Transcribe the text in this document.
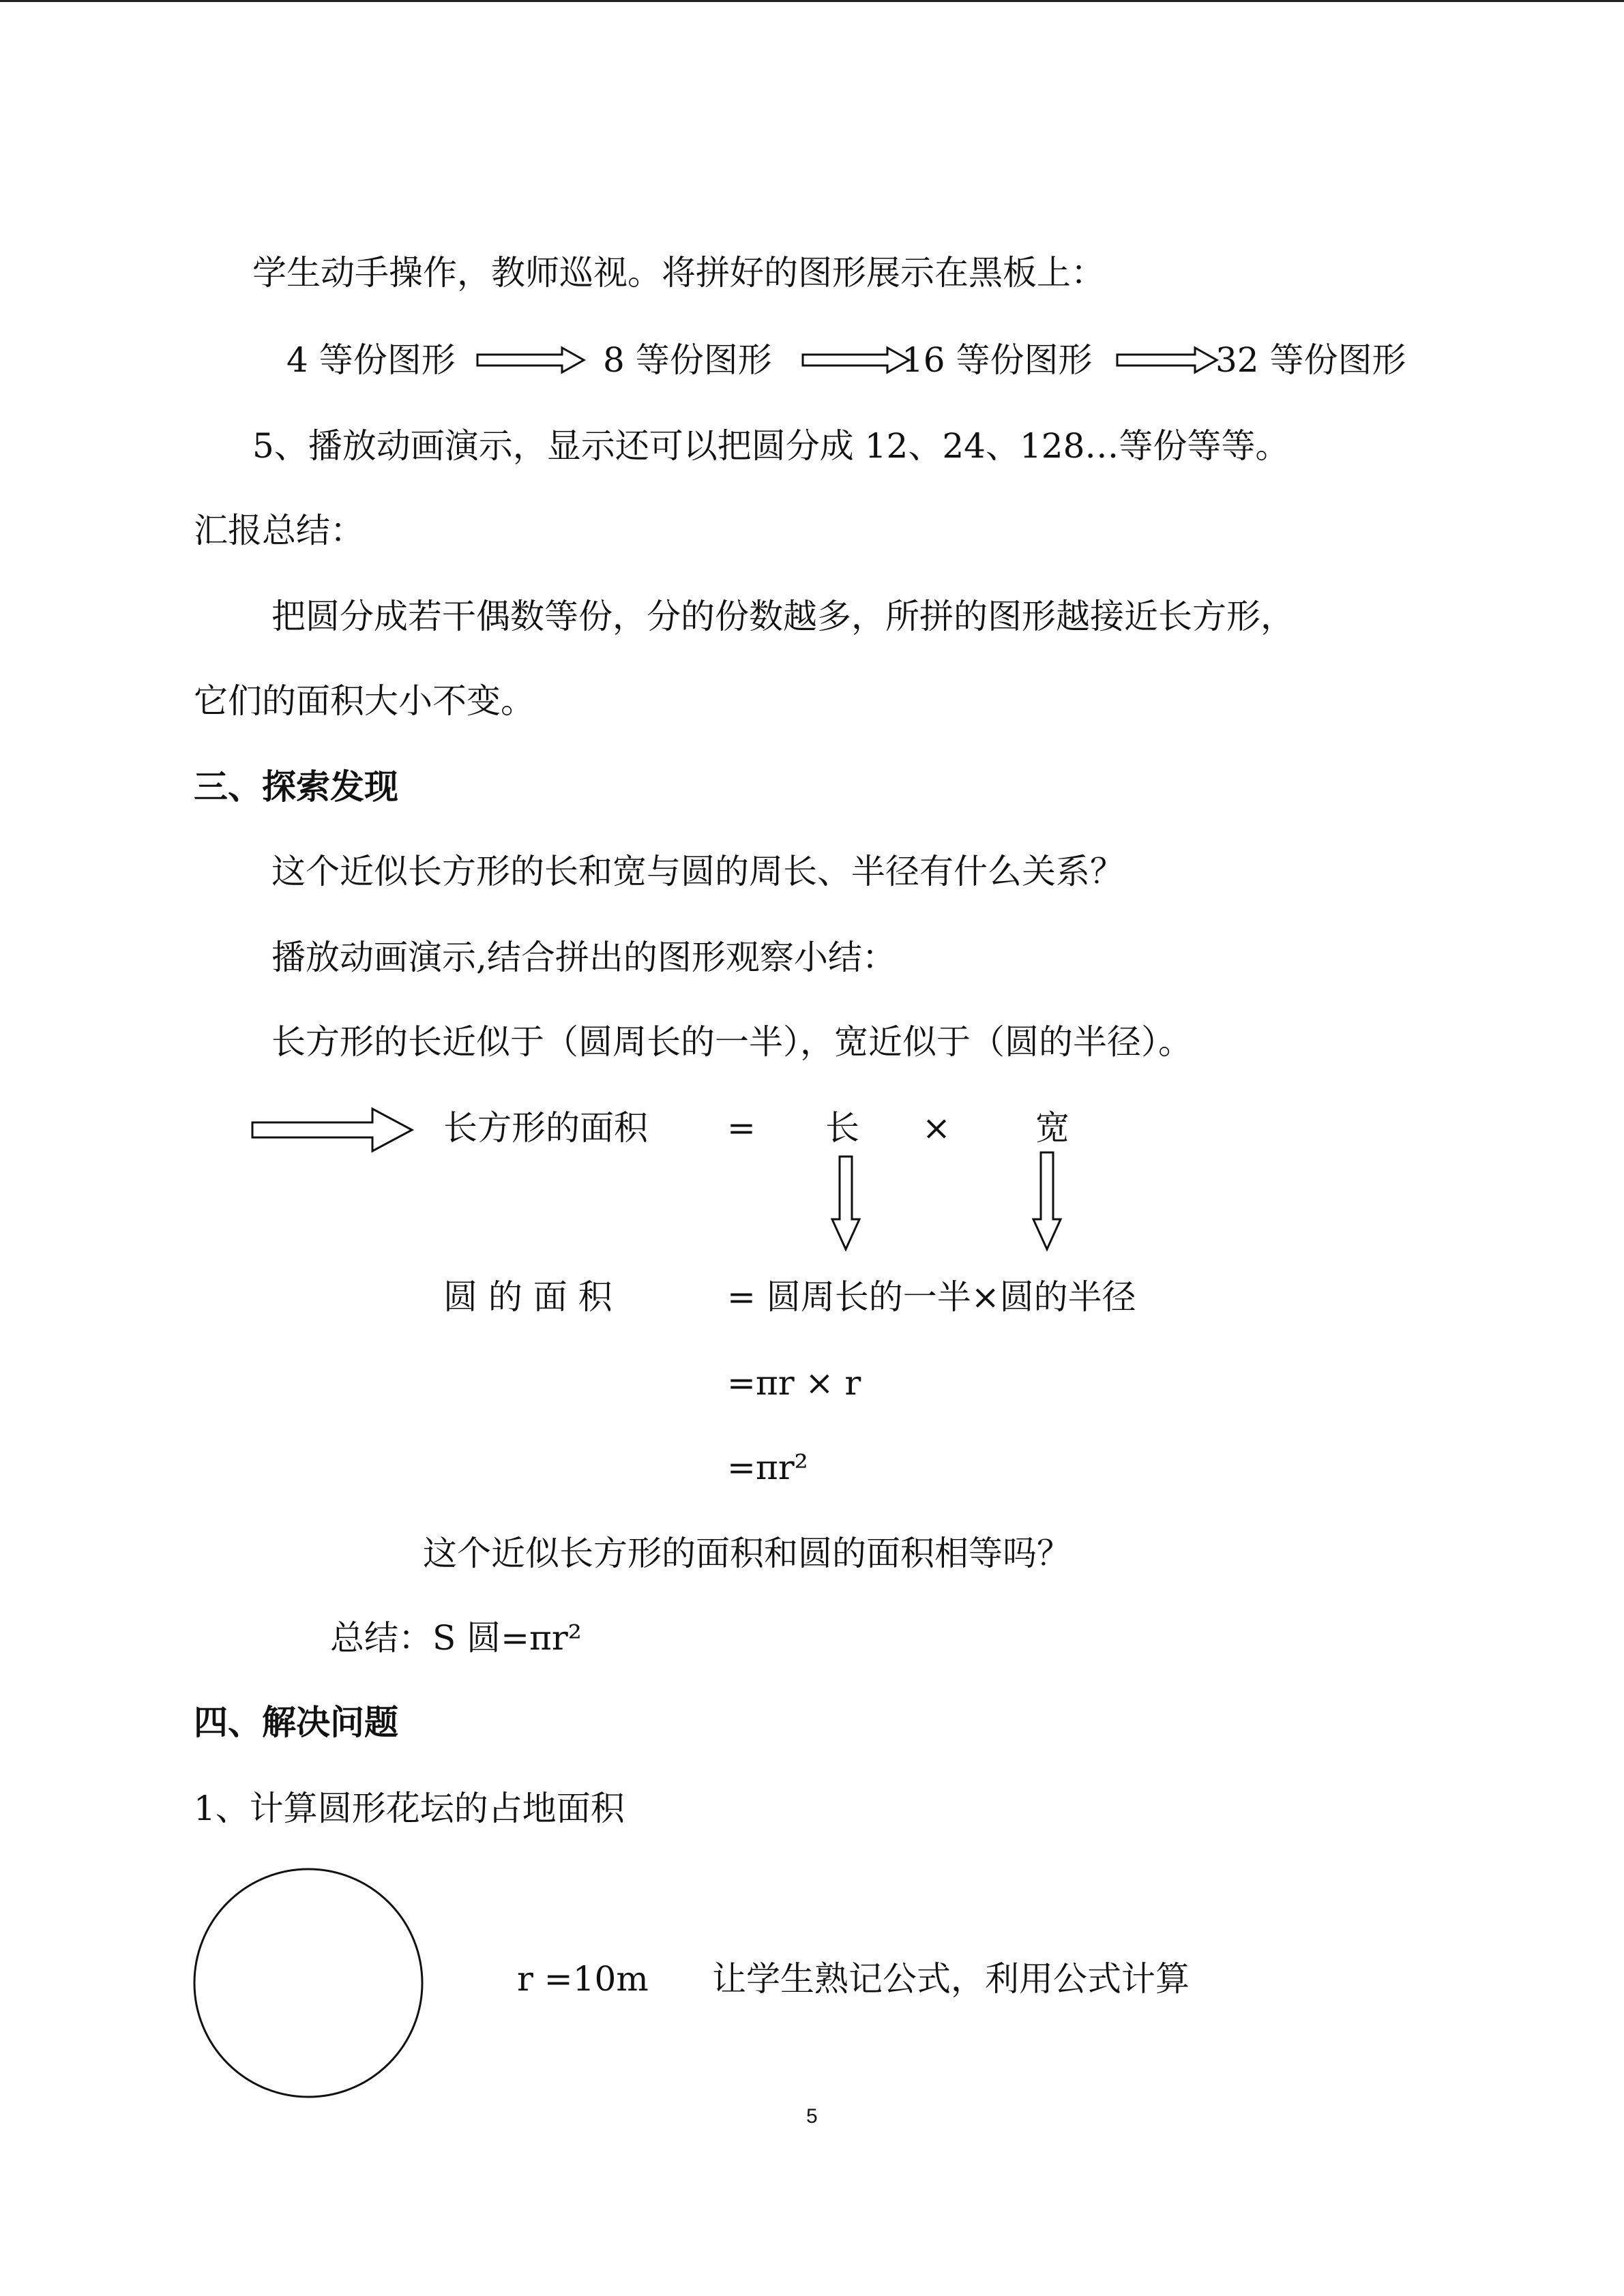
学生动手操作，教师巡视。将拼好的图形展示在黑板上：
4 等份图形	8 等份图形	16 等份图形	32 等份图形
5、播放动画演示，显示还可以把圆分成 12、24、128…等份等等。
汇报总结：
把圆分成若干偶数等份，分的份数越多，所拼的图形越接近长方形，
它们的面积大小不变。
三、探索发现
这个近似长方形的长和宽与圆的周长、半径有什么关系？
播放动画演示,结合拼出的图形观察小结：
长方形的长近似于（圆周长的一半），宽近似于（圆的半径）。
长方形的面积 = 长 × 宽
圆 的 面 积	= 圆周长的一半×圆的半径
=πr × r
=πr²
这个近似长方形的面积和圆的面积相等吗？
总结：S 圆=πr²
四、解决问题
1、计算圆形花坛的占地面积
r =10m 让学生熟记公式，利用公式计算
5
